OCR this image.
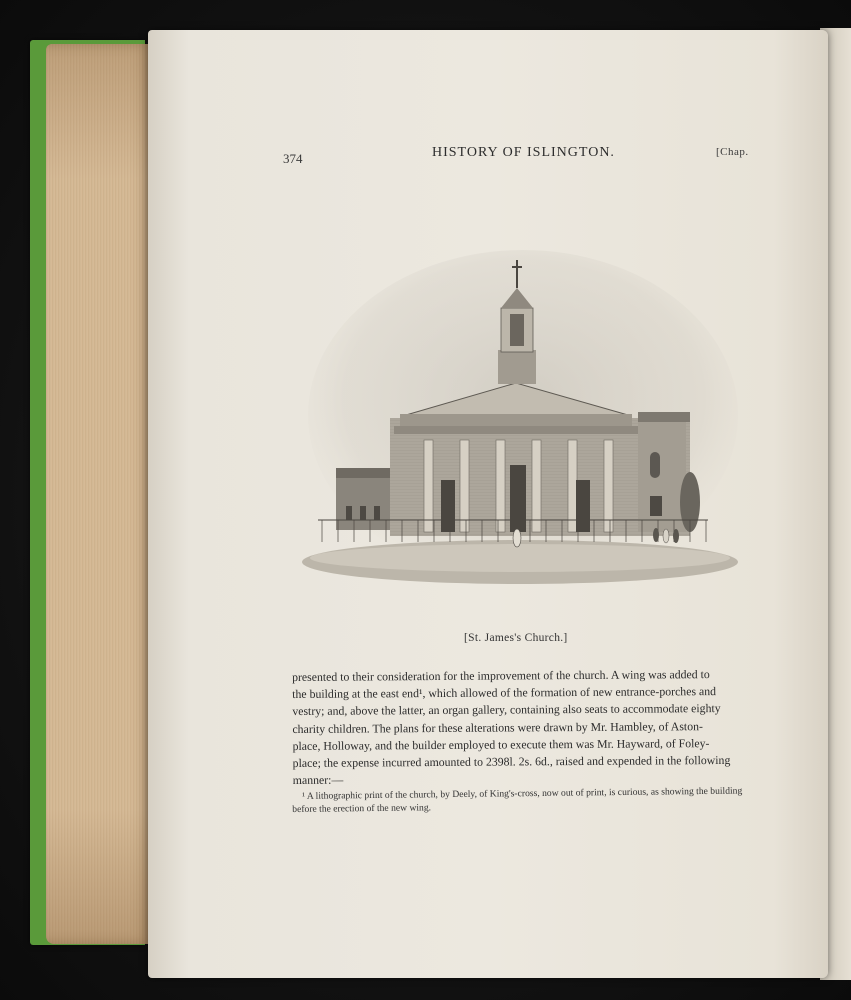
374	HISTORY OF ISLINGTON.	[Chap.
[St. James's Church.]

presented to their consideration for the improvement of the church. A wing was added to

the building at the east end¹, which allowed of the formation of new entrance-porches and

vestry; and, above the latter, an organ gallery, containing also seats to accommodate eighty

charity children. The plans for these alterations were drawn by Mr. Hambley, of Aston-

place, Holloway, and the builder employed to execute them was Mr. Hayward, of Foley-

place; the expense incurred amounted to 2398l. 2s. 6d., raised and expended in the following

manner:—

¹ A lithographic print of the church, by Deely, of King's-cross, now out of print, is curious, as showing the building before the erection of the new wing.
